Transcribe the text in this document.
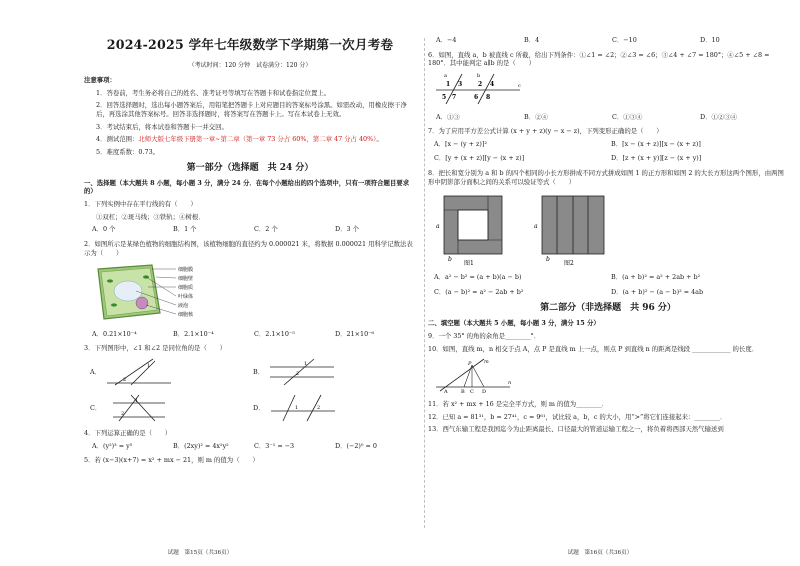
2024-2025 学年七年级数学下学期第一次月考卷
（考试时间：120 分钟　试卷满分：120 分）
注意事项：
1．答卷前，考生务必将自己的姓名、准考证号等填写在答题卡和试卷指定位置上。
2．回答选择题时，选出每小题答案后，用铅笔把答题卡上对应题目的答案标号涂黑。如需改动，用橡皮擦干净后，再选涂其他答案标号。回答非选择题时，将答案写在答题卡上。写在本试卷上无效。
3．考试结束后，将本试卷和答题卡一并交回。
4．测试范围：北师大版七年级下册第一章~第二章（第一章 73 分占 60%，第二章 47 分占 40%）。
5．难度系数：0.73。
第一部分（选择题　共 24 分）
一、选择题（本大题共 8 小题，每小题 3 分，满分 24 分．在每个小题给出的四个选项中，只有一项符合题目要求的）
1．下列实例中存在平行线的有（　　）
①双杠；②斑马线；③铁轨；④树根．
A．0 个	B．1 个	C．2 个	D．3 个
2．如图所示是某绿色植物的细胞结构图，该植物细胞的直径约为 0.000021 米，将数据 0.000021 用科学记数法表示为（　　）
细胞膜
细胞壁
细胞质
叶绿体
液泡
细胞核
A．0.21×10⁻⁴	B．2.1×10⁻⁴	C．2.1×10⁻⁵	D．21×10⁻⁶
3．下列图形中，∠1 和∠2 是同位角的是（　　）
A．
1
2
B．
1
2
C．
1
2
D．	1	2
4．下列运算正确的是（　　）
A．(y²)³ = y⁵	B．(2xy)² = 4x²y²	C．3⁻¹ = −3	D．(−2)⁰ = 0
5．若 (x−3)(x+7) = x² + mx − 21，则 m 的值为（　　）
试题　第15页（共36页）
A．−4	B．4	C．−10	D．10
6．如图，直线 a，b 被直线 c 所截，给出下列条件：①∠1 = ∠2；②∠3 = ∠6；③∠4 + ∠7 = 180°；④∠5 + ∠8 = 180°．其中能判定 a∥b 的是（　　）
a	b
c
1 3	2 4
5 7	6 8
A．①③	B．②④	C．①③④	D．①②③④
7．为了应用平方差公式计算 (x + y + z)(y − x − z)，下列变形正确的是（　　）
A．[x − (y + z)]²	B．[x − (x + z)][x − (x + z)]
C．[y + (x + z)][y − (x + z)]	D．[z + (x + y)][z − (x + y)]
8．把长和宽分别为 a 和 b 的四个相同的小长方形拼成不同方式拼成如图 1 的正方形和如图 2 的大长方形这两个图形，由两图形中阴影部分面积之间的关系可以验证等式（　　）
a
b
图1
a
b
图2
A．a² − b² = (a + b)(a − b)	B．(a + b)² = a² + 2ab + b²
C．(a − b)² = a² − 2ab + b²	D．(a + b)² − (a − b)² = 4ab
第二部分（非选择题　共 96 分）
二、填空题（本大题共 5 小题，每小题 3 分，满分 15 分）
9．一个 35° 的角的余角是________°．
10．如图，直线 m，n 相交于点 A，点 P 是直线 m 上一点，则点 P 到直线 n 的距离是线段 ____________ 的长度．
P	m
n
A	B C D
11．若 x² + mx + 16 是完全平方式，则 m 的值为________．
12．已知 a = 81³¹，b = 27⁴¹，c = 9⁶¹，试比较 a，b，c 的大小，用“>”将它们连接起来：________．
13．西气东输工程是我国迄今为止距离最长、口径最大的管道运输工程之一，将负着将西部天然气输送到
试题　第16页（共36页）
